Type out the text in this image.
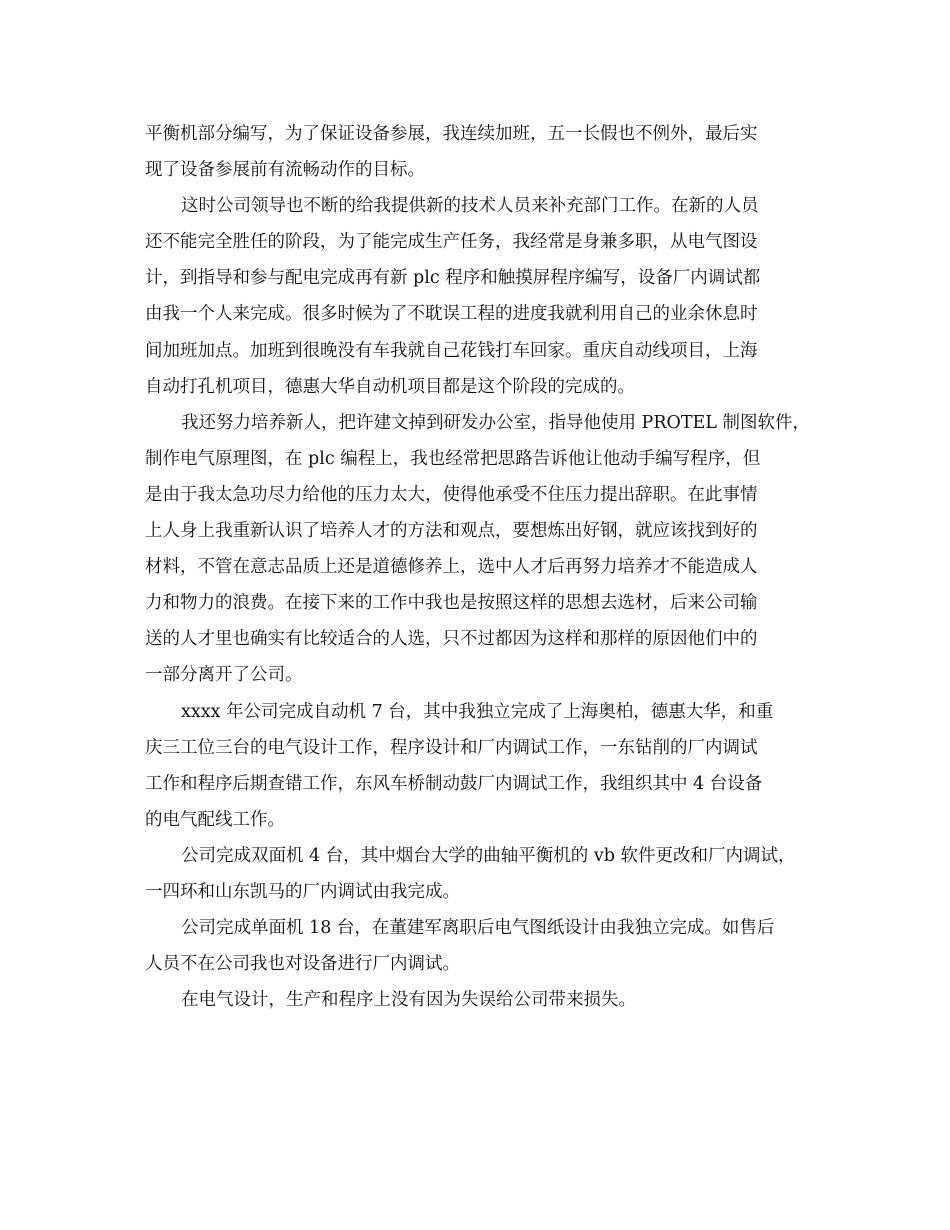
平衡机部分编写，为了保证设备参展，我连续加班，五一长假也不例外，最后实
现了设备参展前有流畅动作的目标。
这时公司领导也不断的给我提供新的技术人员来补充部门工作。在新的人员
还不能完全胜任的阶段，为了能完成生产任务，我经常是身兼多职，从电气图设
计，到指导和参与配电完成再有新 plc 程序和触摸屏程序编写，设备厂内调试都
由我一个人来完成。很多时候为了不耽误工程的进度我就利用自己的业余休息时
间加班加点。加班到很晚没有车我就自己花钱打车回家。重庆自动线项目，上海
自动打孔机项目，德惠大华自动机项目都是这个阶段的完成的。
我还努力培养新人，把许建文掉到研发办公室，指导他使用 PROTEL 制图软件，
制作电气原理图，在 plc 编程上，我也经常把思路告诉他让他动手编写程序，但
是由于我太急功尽力给他的压力太大，使得他承受不住压力提出辞职。在此事情
上人身上我重新认识了培养人才的方法和观点，要想炼出好钢，就应该找到好的
材料，不管在意志品质上还是道德修养上，选中人才后再努力培养才不能造成人
力和物力的浪费。在接下来的工作中我也是按照这样的思想去选材，后来公司输
送的人才里也确实有比较适合的人选，只不过都因为这样和那样的原因他们中的
一部分离开了公司。
xxxx 年公司完成自动机 7 台，其中我独立完成了上海奥柏，德惠大华，和重
庆三工位三台的电气设计工作，程序设计和厂内调试工作，一东钻削的厂内调试
工作和程序后期查错工作，东风车桥制动鼓厂内调试工作，我组织其中 4 台设备
的电气配线工作。
公司完成双面机 4 台，其中烟台大学的曲轴平衡机的 vb 软件更改和厂内调试，
一四环和山东凯马的厂内调试由我完成。
公司完成单面机 18 台，在董建军离职后电气图纸设计由我独立完成。如售后
人员不在公司我也对设备进行厂内调试。
在电气设计，生产和程序上没有因为失误给公司带来损失。
